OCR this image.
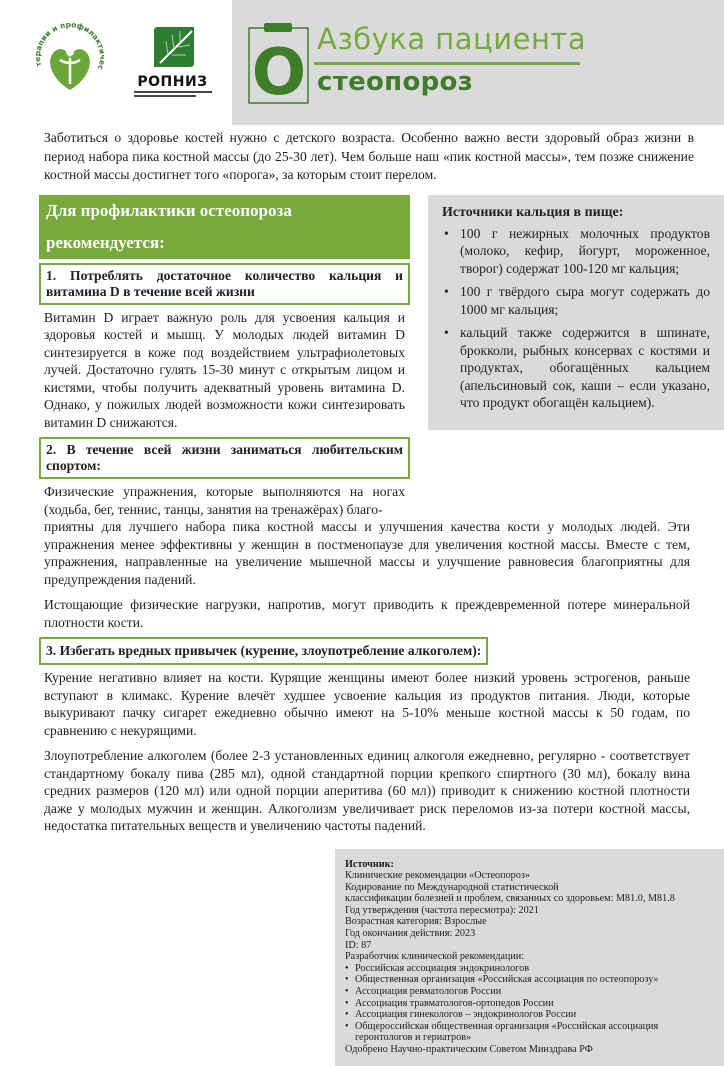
терапии и профилактичес
РОПНИЗ О Азбука пациента
стеопороз
Заботиться о здоровье костей нужно с детского возраста. Особенно важно вести здоровый образ жизни в период набора пика костной массы (до 25-30 лет). Чем больше наш «пик костной массы», тем позже снижение костной массы достигнет того «порога», за которым стоит перелом.
Источники кальция в пище:
• 100 г нежирных молочных продуктов (молоко, кефир, йогурт, мороженное, творог) содержат 100-120 мг кальция;
• 100 г твёрдого сыра могут содержать до 1000 мг кальция;
• кальций также содержится в шпинате, брокколи, рыбных консервах с костями и продуктах, обогащённых кальцием (апельсиновый сок, каши – если указано, что продукт обогащён кальцием).
Для профилактики остеопороза рекомендуется:
1. Потреблять достаточное количество кальция и витамина D в течение всей жизни
Витамин D играет важную роль для усвоения кальция и здоровья костей и мышц. У молодых людей витамин D синтезируется в коже под воздействием ультрафиолетовых лучей. Достаточно гулять 15-30 минут с открытым лицом и кистями, чтобы получить адекватный уровень витамина D. Однако, у пожилых людей возможности кожи синтезировать витамин D снижаются.
2. В течение всей жизни заниматься любительским спортом:
Физические упражнения, которые выполняются на ногах (ходьба, бег, теннис, танцы, занятия на тренажёрах) благо-
приятны для лучшего набора пика костной массы и улучшения качества кости у молодых людей. Эти упражнения менее эффективны у женщин в постменопаузе для увеличения костной массы. Вместе с тем, упражнения, направленные на увеличение мышечной массы и улучшение равновесия благоприятны для предупреждения падений.
Истощающие физические нагрузки, напротив, могут приводить к преждевременной потере минеральной плотности кости.
3. Избегать вредных привычек (курение, злоупотребление алкоголем):
Курение негативно влияет на кости. Курящие женщины имеют более низкий уровень эстрогенов, раньше вступают в климакс. Курение влечёт худшее усвоение кальция из продуктов питания. Люди, которые выкуривают пачку сигарет ежедневно обычно имеют на 5-10% меньше костной массы к 50 годам, по сравнению с некурящими.
Злоупотребление алкоголем (более 2-3 установленных единиц алкоголя ежедневно, регулярно - соответствует стандартному бокалу пива (285 мл), одной стандартной порции крепкого спиртного (30 мл), бокалу вина средних размеров (120 мл) или одной порции аперитива (60 мл)) приводит к снижению костной плотности даже у молодых мужчин и женщин. Алкоголизм увеличивает риск переломов из-за потери костной массы, недостатка питательных веществ и увеличению частоты падений.
Источник:
Клинические рекомендации «Остеопороз»
Кодирование по Международной статистической
классификации болезней и проблем, связанных со здоровьем: M81.0, M81.8
Год утверждения (частота пересмотра): 2021
Возрастная категория: Взрослые
Год окончания действия: 2023
ID: 87
Разработчик клинической рекомендации:
• Российская ассоциация эндокринологов
• Общественная организация «Российская ассоциация по остеопорозу»
• Ассоциация ревматологов России
• Ассоциация травматологов-ортопедов России
• Ассоциация гинекологов – эндокринологов России
• Общероссийская общественная организация «Российская ассоциация геронтологов и гериатров»
Одобрено Научно-практическим Советом Минздрава РФ
